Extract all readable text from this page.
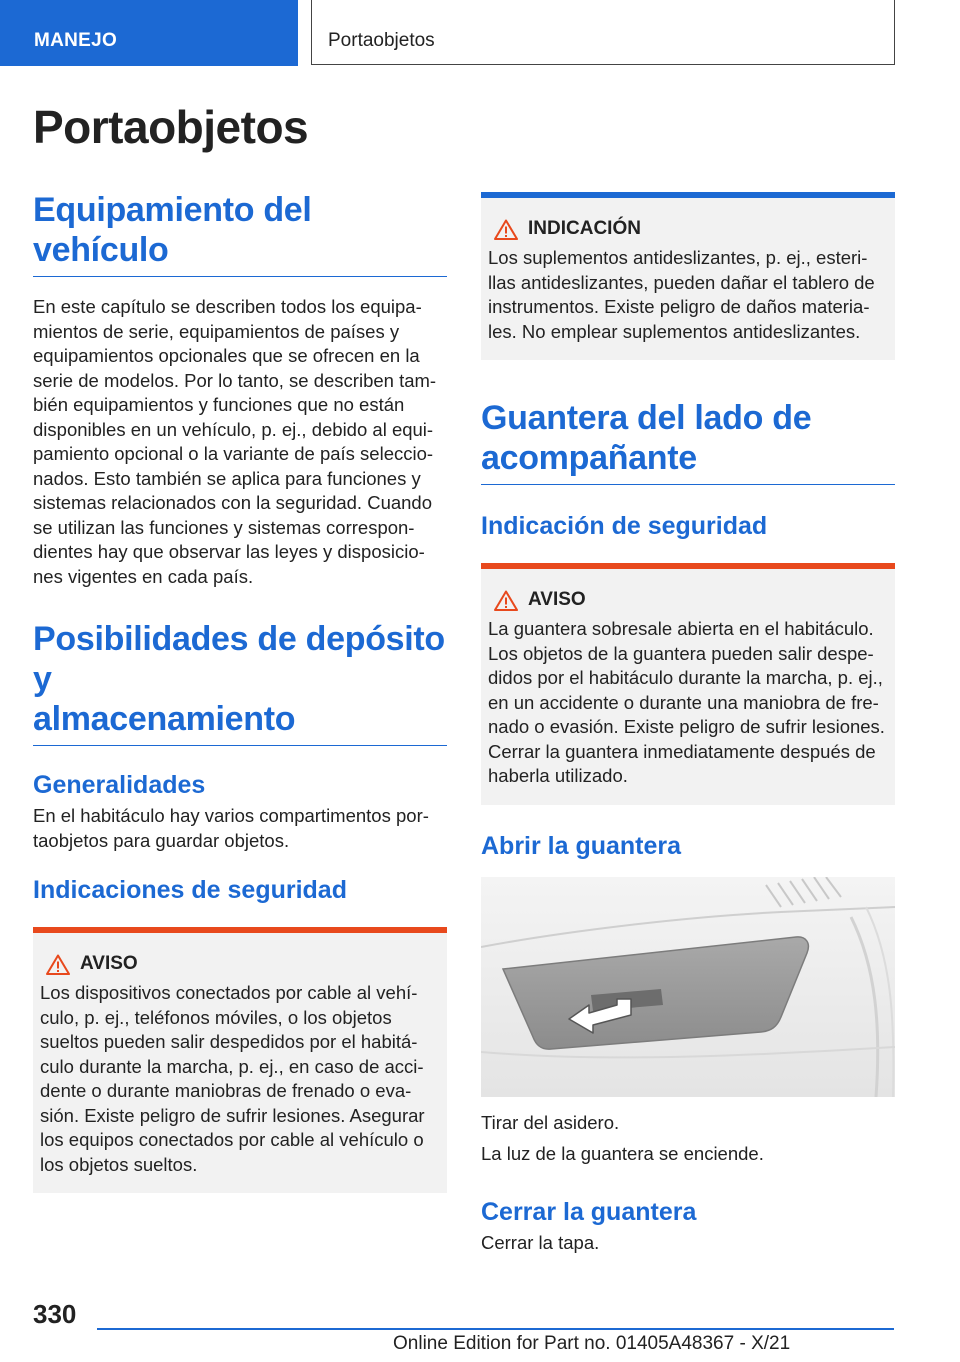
MANEJO	Portaobjetos
Portaobjetos
Equipamiento del vehículo

En este capítulo se describen todos los equipa-

mientos de serie, equipamientos de países y

equipamientos opcionales que se ofrecen en la

serie de modelos. Por lo tanto, se describen tam-

bién equipamientos y funciones que no están

disponibles en un vehículo, p. ej., debido al equi-

pamiento opcional o la variante de país seleccio-

nados. Esto también se aplica para funciones y

sistemas relacionados con la seguridad. Cuando

se utilizan las funciones y sistemas correspon-

dientes hay que observar las leyes y disposicio-

nes vigentes en cada país.

Posibilidades de depósito y
almacenamiento
Generalidades

En el habitáculo hay varios compartimentos por-

taobjetos para guardar objetos.

Indicaciones de seguridad
AVISO

Los dispositivos conectados por cable al vehí-

culo, p. ej., teléfonos móviles, o los objetos

sueltos pueden salir despedidos por el habitá-

culo durante la marcha, p. ej., en caso de acci-

dente o durante maniobras de frenado o eva-

sión. Existe peligro de sufrir lesiones. Asegurar

los equipos conectados por cable al vehículo o

los objetos sueltos.

INDICACIÓN

Los suplementos antideslizantes, p. ej., esteri-

llas antideslizantes, pueden dañar el tablero de

instrumentos. Existe peligro de daños materia-

les. No emplear suplementos antideslizantes.

Guantera del lado de
acompañante
Indicación de seguridad
AVISO

La guantera sobresale abierta en el habitáculo.

Los objetos de la guantera pueden salir despe-

didos por el habitáculo durante la marcha, p. ej.,

en un accidente o durante una maniobra de fre-

nado o evasión. Existe peligro de sufrir lesiones.

Cerrar la guantera inmediatamente después de

haberla utilizado.

Abrir la guantera

Tirar del asidero.

La luz de la guantera se enciende.

Cerrar la guantera

Cerrar la tapa.

330
Online Edition for Part no. 01405A48367 - X/21
